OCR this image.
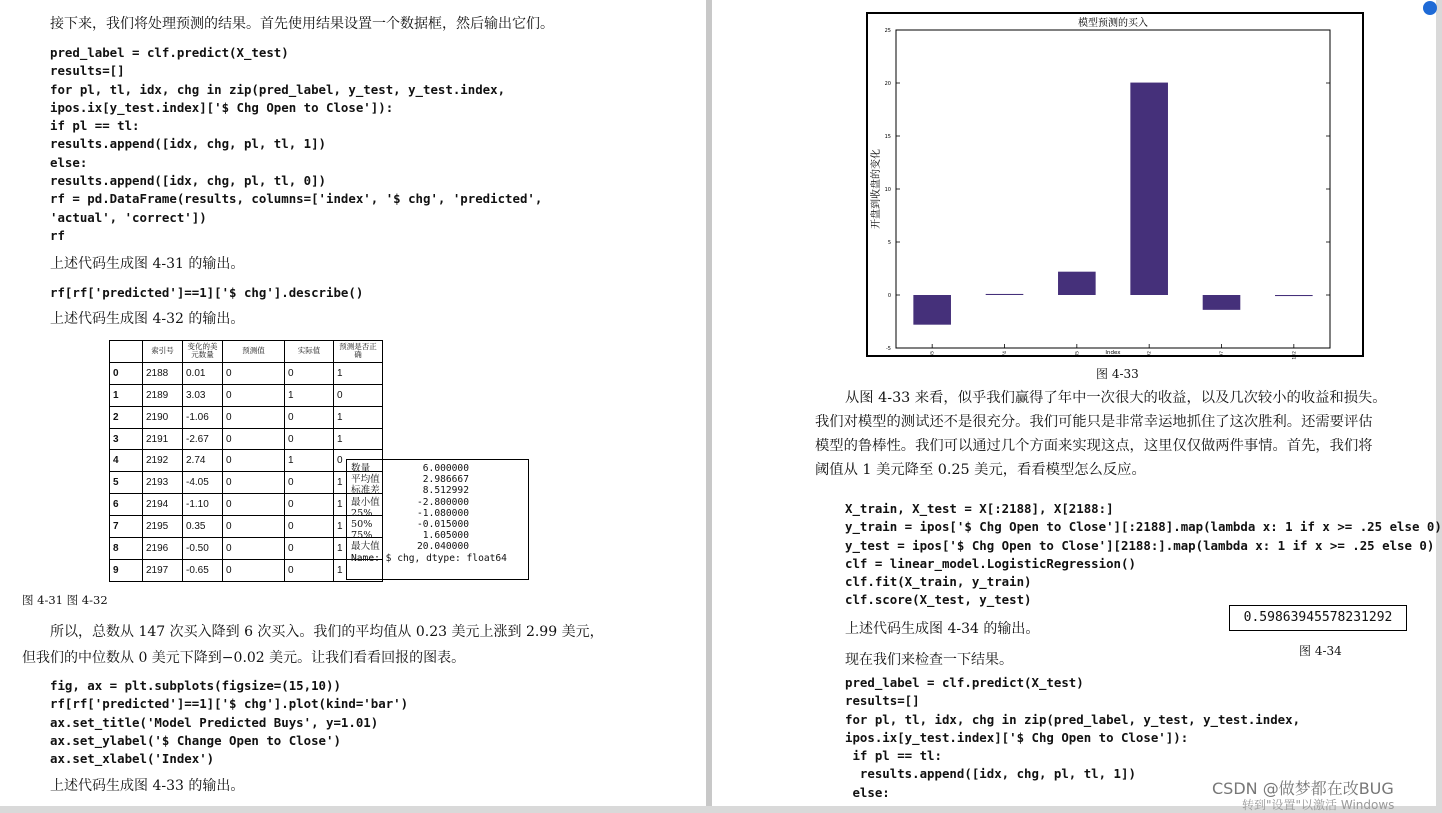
接下来，我们将处理预测的结果。首先使用结果设置一个数据框，然后输出它们。
pred_label = clf.predict(X_test)
results=[]
for pl, tl, idx, chg in zip(pred_label, y_test, y_test.index,
ipos.ix[y_test.index]['$ Chg Open to Close']):
if pl == tl:
results.append([idx, chg, pl, tl, 1])
else:
results.append([idx, chg, pl, tl, 0])
rf = pd.DataFrame(results, columns=['index', '$ chg', 'predicted',
'actual', 'correct'])
rf
上述代码生成图 4-31 的输出。
rf[rf['predicted']==1]['$ chg'].describe()
上述代码生成图 4-32 的输出。
	索引号	变化的美元数量	预测值	实际值	预测是否正确
0	2188	0.01	0	0	1
1	2189	3.03	0	1	0
2	2190	-1.06	0	0	1
3	2191	-2.67	0	0	1
4	2192	2.74	0	1	0
5	2193	-4.05	0	0	1
6	2194	-1.10	0	0	1
7	2195	0.35	0	0	1
8	2196	-0.50	0	0	1
9	2197	-0.65	0	0	1
数量	6.000000
平均值	2.986667
标准差	8.512992
最小值	-2.800000
25%	-1.080000
50%	-0.015000
75%	1.605000
最大值	20.040000
Name: $ chg, dtype: float64
图 4-31 图 4-32
所以，总数从 147 次买入降到 6 次买入。我们的平均值从 0.23 美元上涨到 2.99 美元，
但我们的中位数从 0 美元下降到−0.02 美元。让我们看看回报的图表。
fig, ax = plt.subplots(figsize=(15,10))
rf[rf['predicted']==1]['$ chg'].plot(kind='bar')
ax.set_title('Model Predicted Buys', y=1.01)
ax.set_ylabel('$ Change Open to Close')
ax.set_xlabel('Index')
上述代码生成图 4-33 的输出。
模型预测的买入
-5
0
5
10
15
20
25
开盘到收盘的变化
55	74	85	92	97	102
Index
图 4-33
从图 4-33 来看，似乎我们赢得了年中一次很大的收益，以及几次较小的收益和损失。
我们对模型的测试还不是很充分。我们可能只是非常幸运地抓住了这次胜利。还需要评估
模型的鲁棒性。我们可以通过几个方面来实现这点，这里仅仅做两件事情。首先，我们将
阈值从 1 美元降至 0.25 美元，看看模型怎么反应。
X_train, X_test = X[:2188], X[2188:]
y_train = ipos['$ Chg Open to Close'][:2188].map(lambda x: 1 if x >= .25 else 0)
y_test = ipos['$ Chg Open to Close'][2188:].map(lambda x: 1 if x >= .25 else 0)
clf = linear_model.LogisticRegression()
clf.fit(X_train, y_train)
clf.score(X_test, y_test)
上述代码生成图 4-34 的输出。
0.59863945578231292
图 4-34
现在我们来检查一下结果。
pred_label = clf.predict(X_test)
results=[]
for pl, tl, idx, chg in zip(pred_label, y_test, y_test.index,
ipos.ix[y_test.index]['$ Chg Open to Close']):
if pl == tl:
results.append([idx, chg, pl, tl, 1])
else:	CSDN @做梦都在改BUG
转到"设置"以激活 Windows
